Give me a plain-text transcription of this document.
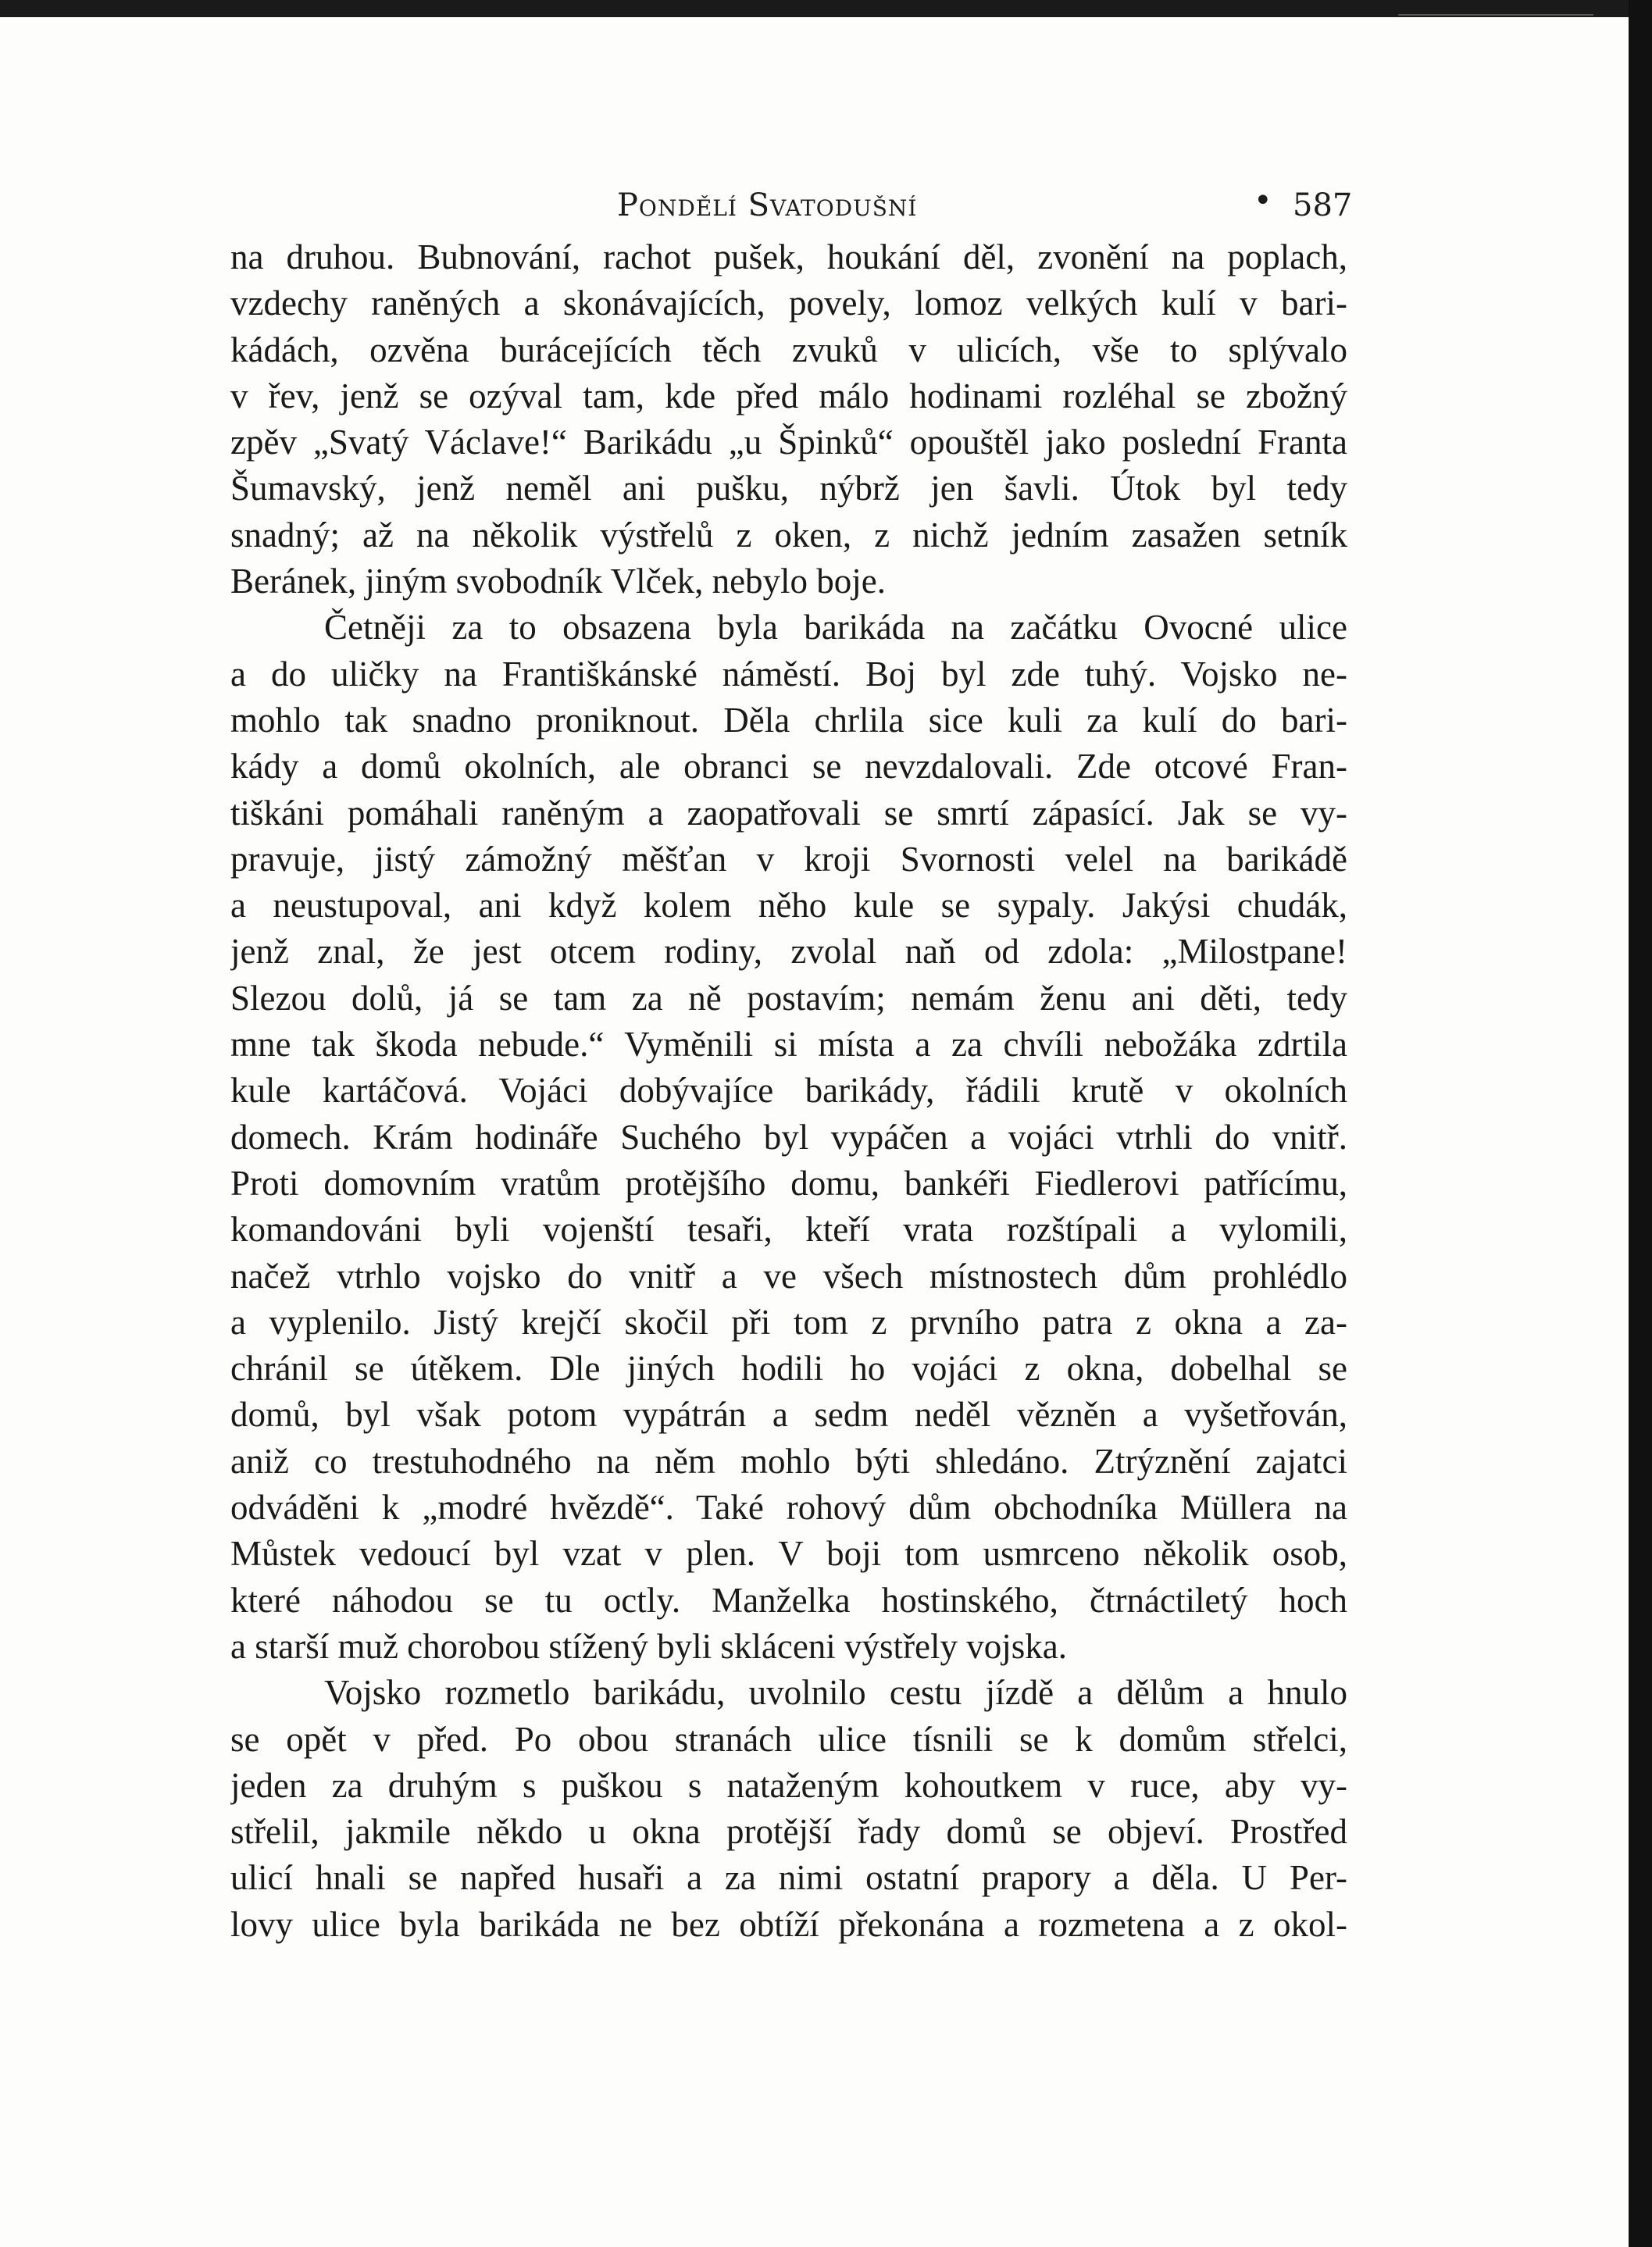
Pondělí Svatodušní	• 587
na druhou. Bubnování, rachot pušek, houkání děl, zvonění na poplach,
vzdechy raněných a skonávajících, povely, lomoz velkých kulí v bari-
kádách, ozvěna burácejících těch zvuků v ulicích, vše to splývalo
v řev, jenž se ozýval tam, kde před málo hodinami rozléhal se zbožný
zpěv „Svatý Václave!“ Barikádu „u Špinků“ opouštěl jako poslední Franta
Šumavský, jenž neměl ani pušku, nýbrž jen šavli. Útok byl tedy
snadný; až na několik výstřelů z oken, z nichž jedním zasažen setník
Beránek, jiným svobodník Vlček, nebylo boje.
Četněji za to obsazena byla barikáda na začátku Ovocné ulice
a do uličky na Františkánské náměstí. Boj byl zde tuhý. Vojsko ne-
mohlo tak snadno proniknout. Děla chrlila sice kuli za kulí do bari-
kády a domů okolních, ale obranci se nevzdalovali. Zde otcové Fran-
tiškáni pomáhali raněným a zaopatřovali se smrtí zápasící. Jak se vy-
pravuje, jistý zámožný měšťan v kroji Svornosti velel na barikádě
a neustupoval, ani když kolem něho kule se sypaly. Jakýsi chudák,
jenž znal, že jest otcem rodiny, zvolal naň od zdola: „Milostpane!
Slezou dolů, já se tam za ně postavím; nemám ženu ani děti, tedy
mne tak škoda nebude.“ Vyměnili si místa a za chvíli nebožáka zdrtila
kule kartáčová. Vojáci dobývajíce barikády, řádili krutě v okolních
domech. Krám hodináře Suchého byl vypáčen a vojáci vtrhli do vnitř.
Proti domovním vratům protějšího domu, bankéři Fiedlerovi patřícímu,
komandováni byli vojenští tesaři, kteří vrata rozštípali a vylomili,
načež vtrhlo vojsko do vnitř a ve všech místnostech dům prohlédlo
a vyplenilo. Jistý krejčí skočil při tom z prvního patra z okna a za-
chránil se útěkem. Dle jiných hodili ho vojáci z okna, dobelhal se
domů, byl však potom vypátrán a sedm neděl vězněn a vyšetřován,
aniž co trestuhodného na něm mohlo býti shledáno. Ztrýznění zajatci
odváděni k „modré hvězdě“. Také rohový dům obchodníka Müllera na
Můstek vedoucí byl vzat v plen. V boji tom usmrceno několik osob,
které náhodou se tu octly. Manželka hostinského, čtrnáctiletý hoch
a starší muž chorobou stížený byli skláceni výstřely vojska.
Vojsko rozmetlo barikádu, uvolnilo cestu jízdě a dělům a hnulo
se opět v před. Po obou stranách ulice tísnili se k domům střelci,
jeden za druhým s puškou s nataženým kohoutkem v ruce, aby vy-
střelil, jakmile někdo u okna protější řady domů se objeví. Prostřed
ulicí hnali se napřed husaři a za nimi ostatní prapory a děla. U Per-
lovy ulice byla barikáda ne bez obtíží překonána a rozmetena a z okol-
